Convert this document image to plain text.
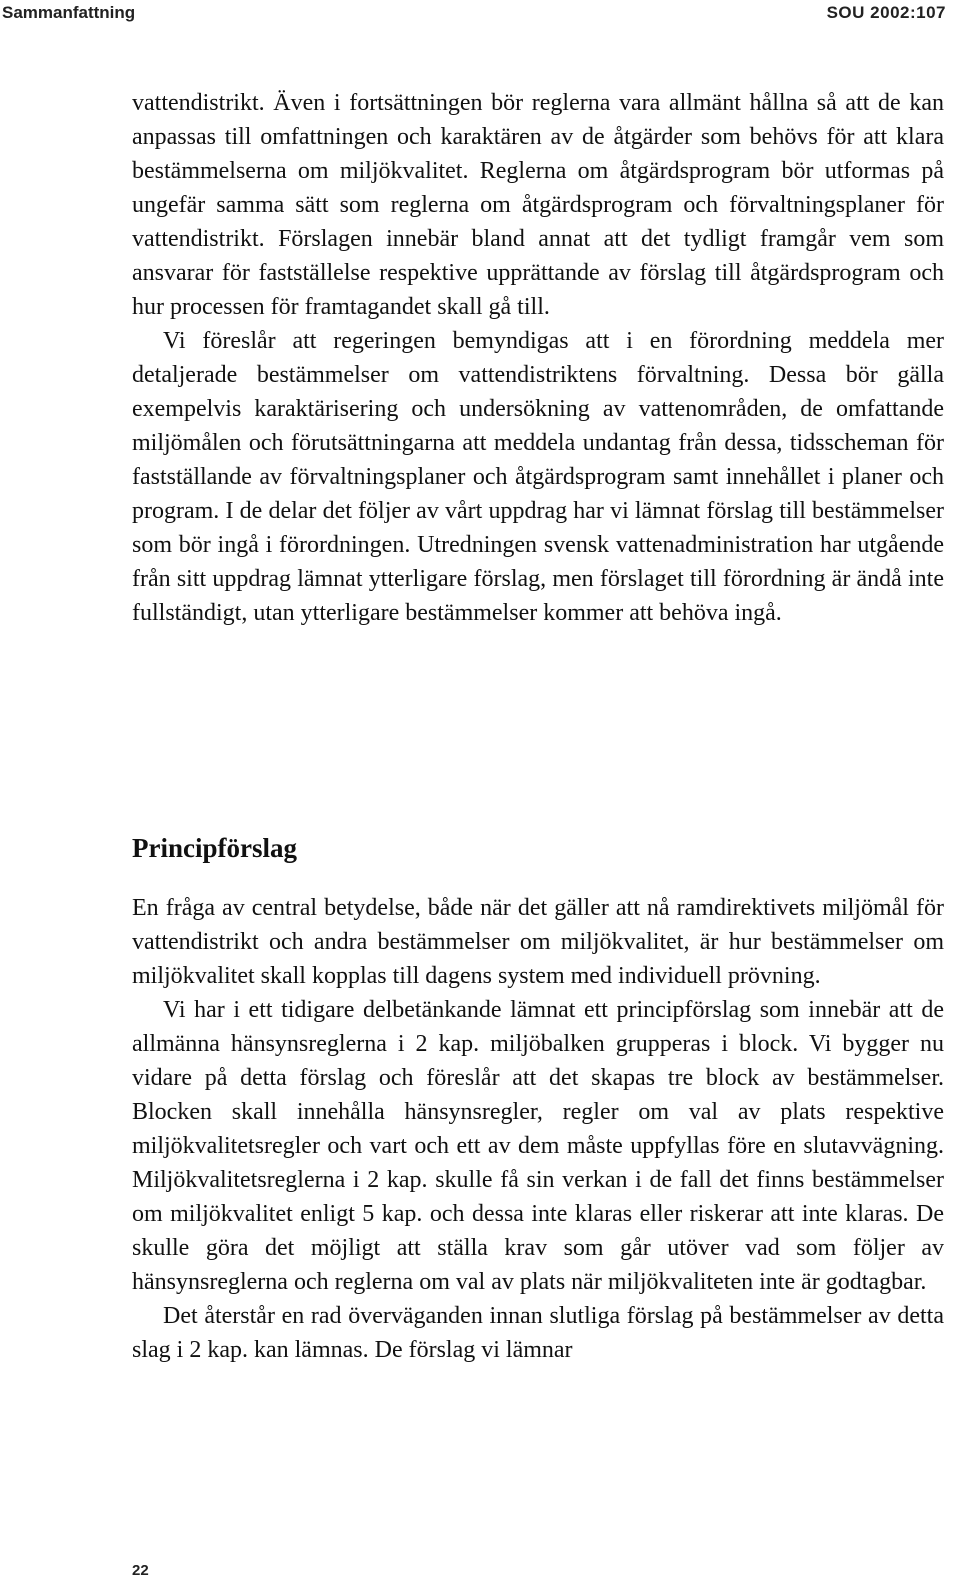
Sammanfattning	SOU 2002:107

vattendistrikt. Även i fortsättningen bör reglerna vara allmänt hållna så att de kan anpassas till omfattningen och karaktären av de åtgärder som behövs för att klara bestämmelserna om miljökvalitet. Reglerna om åtgärdsprogram bör utformas på ungefär samma sätt som reglerna om åtgärdsprogram och förvaltningsplaner för vattendistrikt. Förslagen innebär bland annat att det tydligt framgår vem som ansvarar för fastställelse respektive upprättande av förslag till åtgärdsprogram och hur processen för framtagandet skall gå till.

Vi föreslår att regeringen bemyndigas att i en förordning meddela mer detaljerade bestämmelser om vattendistriktens förvaltning. Dessa bör gälla exempelvis karaktärisering och undersökning av vattenområden, de omfattande miljömålen och förutsättningarna att meddela undantag från dessa, tidsscheman för fastställande av förvaltningsplaner och åtgärdsprogram samt innehållet i planer och program. I de delar det följer av vårt uppdrag har vi lämnat förslag till bestämmelser som bör ingå i förordningen. Utredningen svensk vattenadministration har utgående från sitt uppdrag lämnat ytterligare förslag, men förslaget till förordning är ändå inte fullständigt, utan ytterligare bestämmelser kommer att behöva ingå.

Principförslag

En fråga av central betydelse, både när det gäller att nå ramdirektivets miljömål för vattendistrikt och andra bestämmelser om miljökvalitet, är hur bestämmelser om miljökvalitet skall kopplas till dagens system med individuell prövning.

Vi har i ett tidigare delbetänkande lämnat ett principförslag som innebär att de allmänna hänsynsreglerna i 2 kap. miljöbalken grupperas i block. Vi bygger nu vidare på detta förslag och föreslår att det skapas tre block av bestämmelser. Blocken skall innehålla hänsynsregler, regler om val av plats respektive miljökvalitetsregler och vart och ett av dem måste uppfyllas före en slutavvägning. Miljökvalitetsreglerna i 2 kap. skulle få sin verkan i de fall det finns bestämmelser om miljökvalitet enligt 5 kap. och dessa inte klaras eller riskerar att inte klaras. De skulle göra det möjligt att ställa krav som går utöver vad som följer av hänsynsreglerna och reglerna om val av plats när miljökvaliteten inte är godtagbar.

Det återstår en rad överväganden innan slutliga förslag på bestämmelser av detta slag i 2 kap. kan lämnas. De förslag vi lämnar

22
